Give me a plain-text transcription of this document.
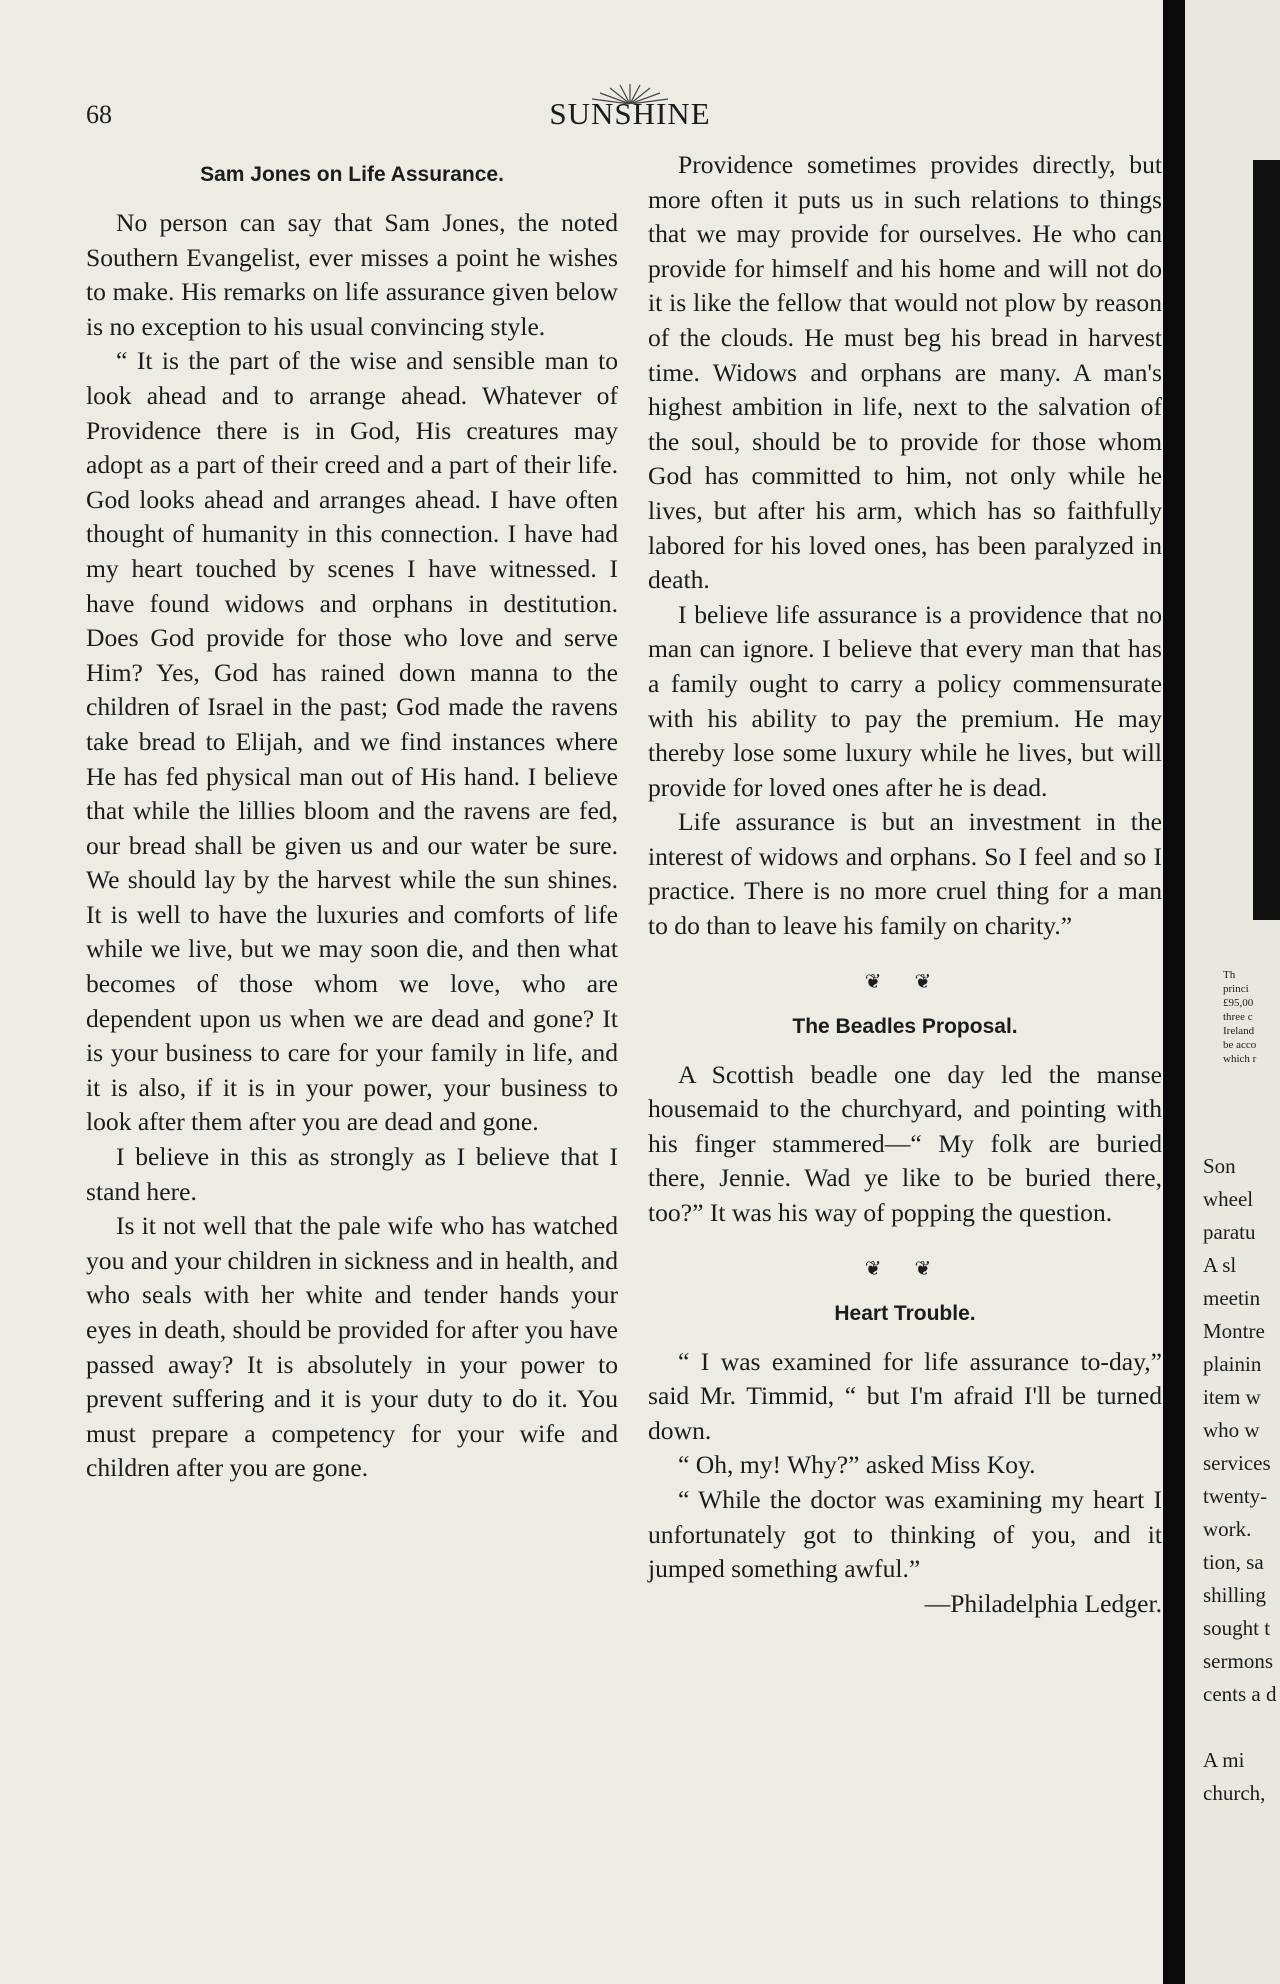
68	SUNSHINE
Sam Jones on Life Assurance.

No person can say that Sam Jones, the noted Southern Evangelist, ever misses a point he wishes to make. His remarks on life assurance given below is no exception to his usual convincing style.

“ It is the part of the wise and sensible man to look ahead and to arrange ahead. Whatever of Providence there is in God, His creatures may adopt as a part of their creed and a part of their life. God looks ahead and arranges ahead. I have often thought of humanity in this connection. I have had my heart touched by scenes I have witnessed. I have found widows and orphans in destitution. Does God provide for those who love and serve Him? Yes, God has rained down manna to the children of Israel in the past; God made the ravens take bread to Elijah, and we find instances where He has fed physical man out of His hand. I believe that while the lillies bloom and the ravens are fed, our bread shall be given us and our water be sure. We should lay by the harvest while the sun shines. It is well to have the luxuries and comforts of life while we live, but we may soon die, and then what becomes of those whom we love, who are dependent upon us when we are dead and gone? It is your business to care for your family in life, and it is also, if it is in your power, your business to look after them after you are dead and gone.

I believe in this as strongly as I believe that I stand here.

Is it not well that the pale wife who has watched you and your children in sickness and in health, and who seals with her white and tender hands your eyes in death, should be provided for after you have passed away? It is absolutely in your power to prevent suffering and it is your duty to do it. You must prepare a competency for your wife and children after you are gone.

Providence sometimes provides directly, but more often it puts us in such relations to things that we may provide for ourselves. He who can provide for himself and his home and will not do it is like the fellow that would not plow by reason of the clouds. He must beg his bread in harvest time. Widows and orphans are many. A man's highest ambition in life, next to the salvation of the soul, should be to provide for those whom God has committed to him, not only while he lives, but after his arm, which has so faithfully labored for his loved ones, has been paralyzed in death.

I believe life assurance is a providence that no man can ignore. I believe that every man that has a family ought to carry a policy commensurate with his ability to pay the premium. He may thereby lose some luxury while he lives, but will provide for loved ones after he is dead.

Life assurance is but an investment in the interest of widows and orphans. So I feel and so I practice. There is no more cruel thing for a man to do than to leave his family on charity.”

❦ ❦
The Beadles Proposal.

A Scottish beadle one day led the manse housemaid to the churchyard, and pointing with his finger stammered—“ My folk are buried there, Jennie. Wad ye like to be buried there, too?” It was his way of popping the question.

❦ ❦
Heart Trouble.

“ I was examined for life assurance to-day,” said Mr. Timmid, “ but I'm afraid I'll be turned down.

“ Oh, my! Why?” asked Miss Koy.

“ While the doctor was examining my heart I unfortunately got to thinking of you, and it jumped something awful.”

—Philadelphia Ledger.

Th
princi
£95,00
three c
Ireland
be acco
which r
Son
wheel
paratu
A sl
meetin
Montre
plainin
item w
who w
services
twenty-
work.
tion, sa
shilling
sought t
sermons
cents a d
A mi
church,
